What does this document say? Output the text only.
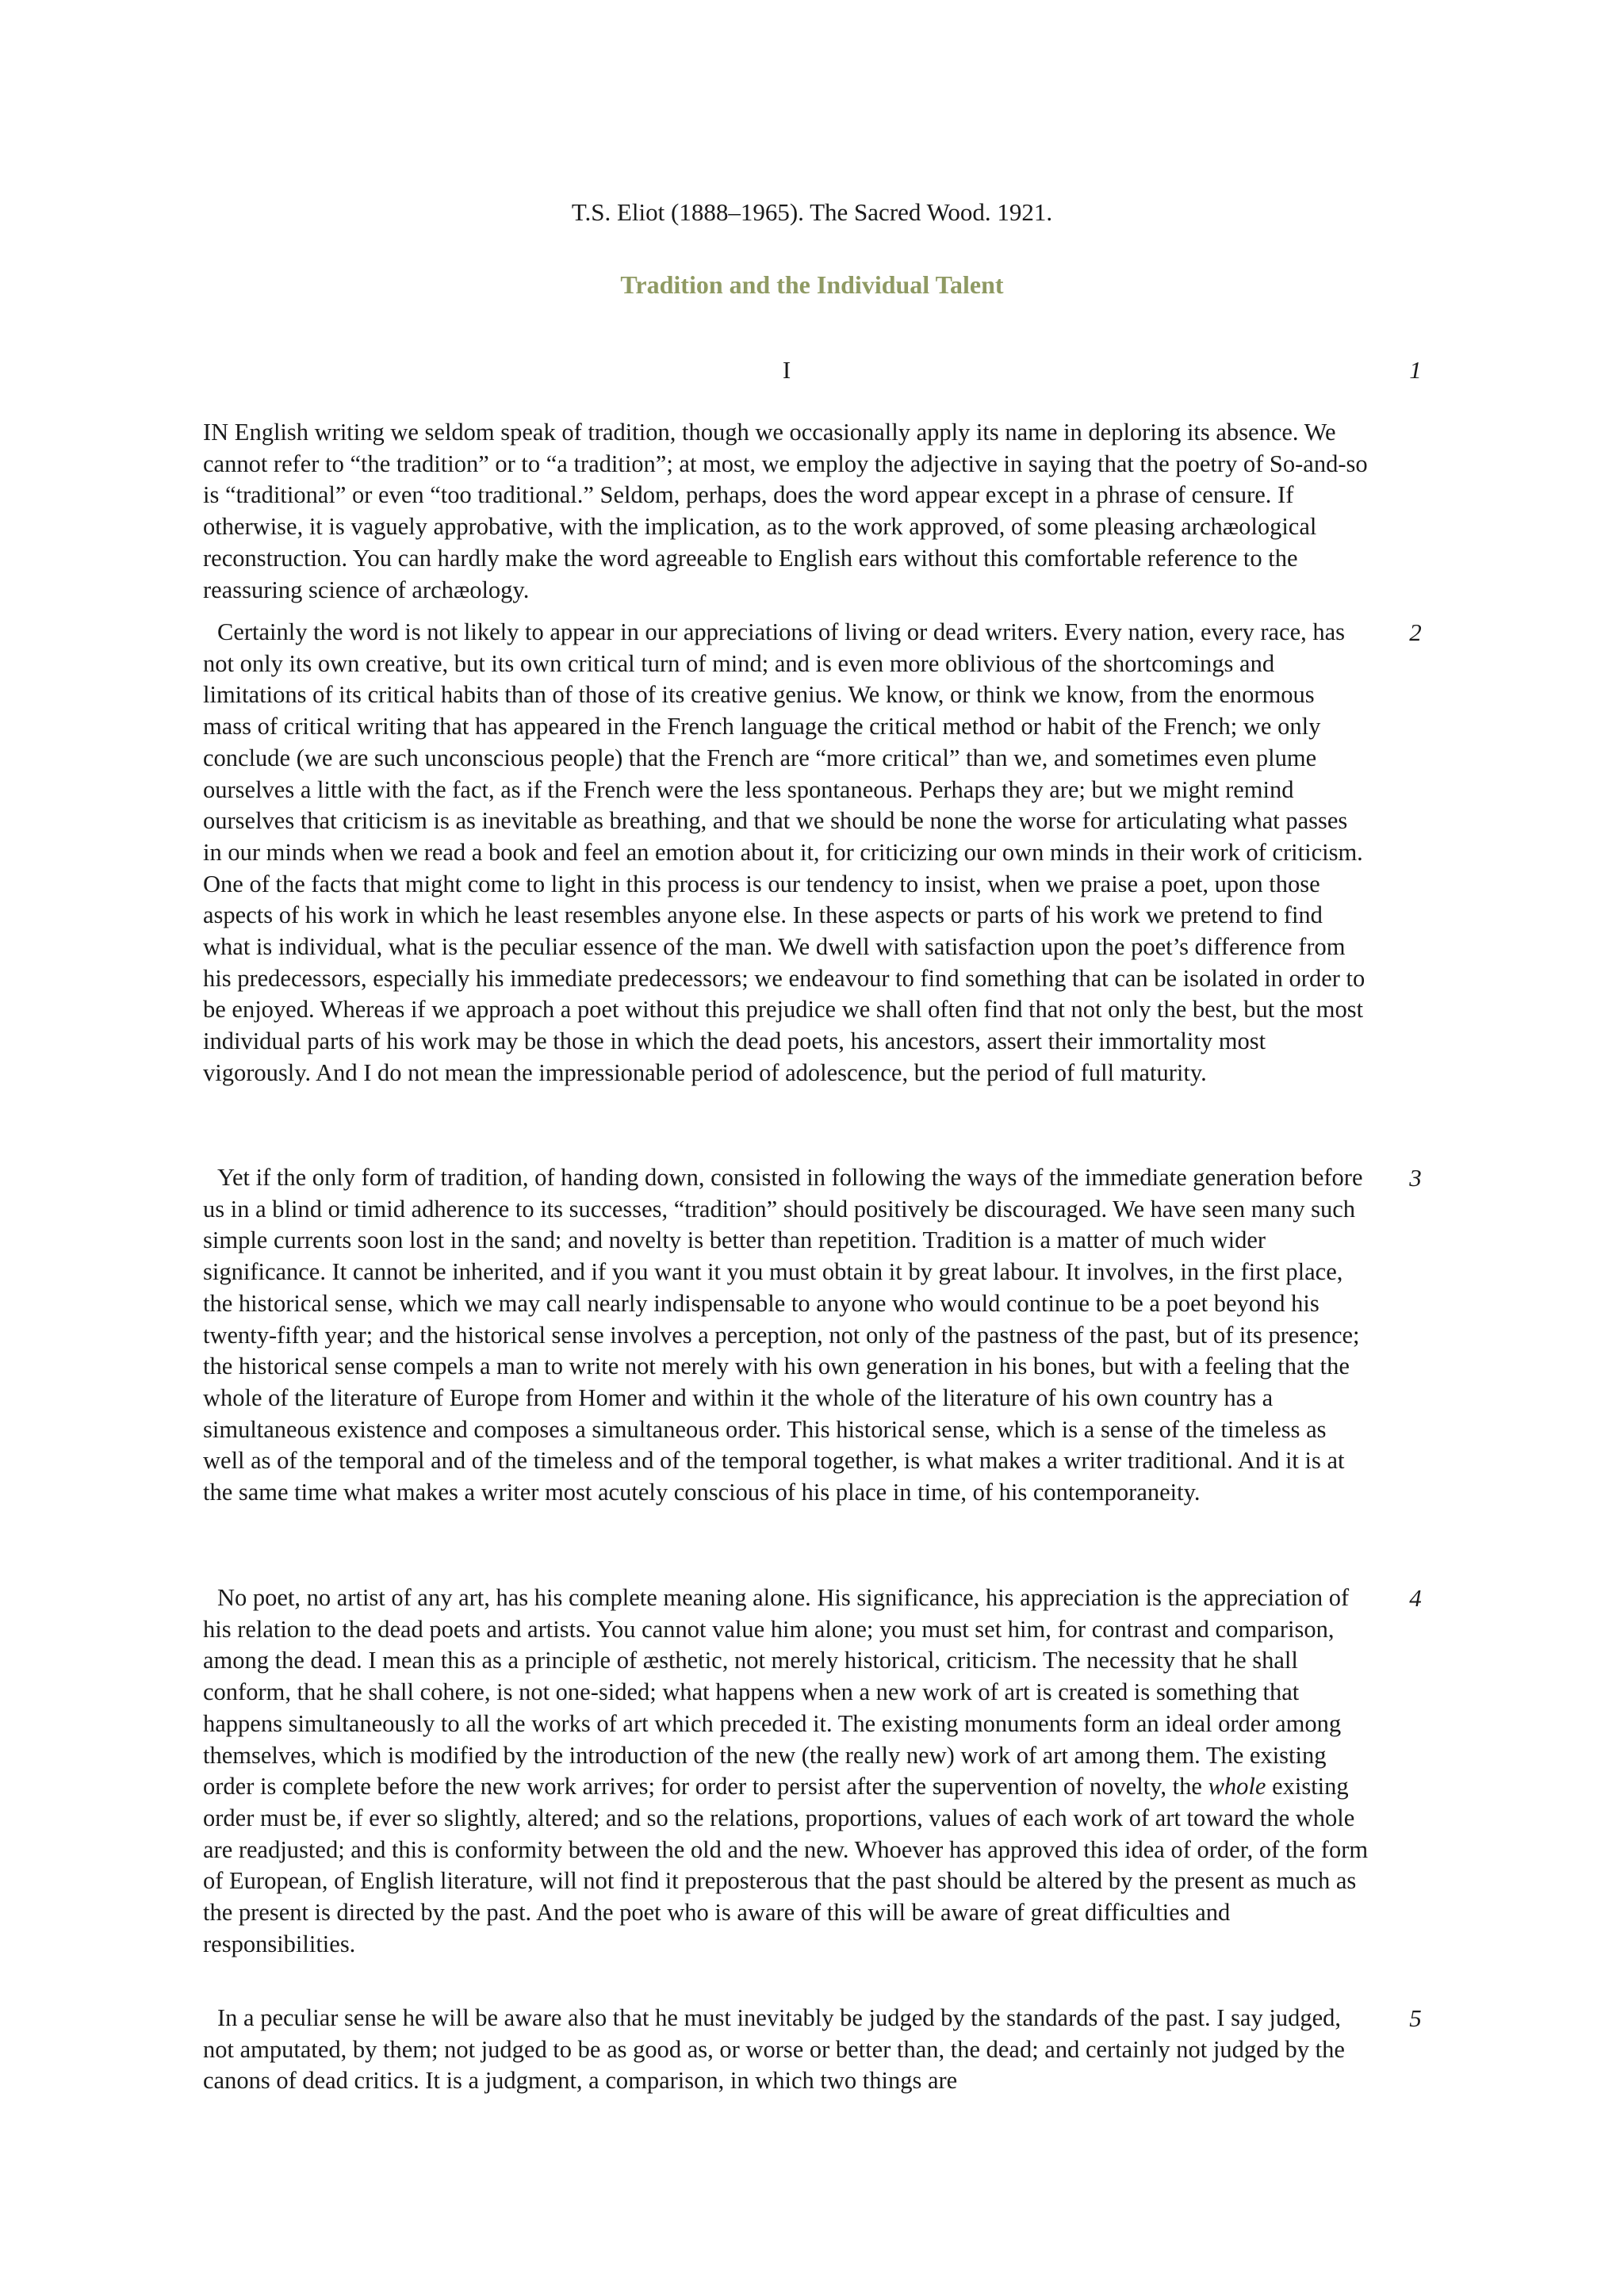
T.S. Eliot (1888–1965). The Sacred Wood. 1921.
Tradition and the Individual Talent
I	1
IN English writing we seldom speak of tradition, though we occasionally apply its name in deploring its absence. We cannot refer to “the tradition” or to “a tradition”; at most, we employ the adjective in saying that the poetry of So-and-so is “traditional” or even “too traditional.” Seldom, perhaps, does the word appear except in a phrase of censure. If otherwise, it is vaguely approbative, with the implication, as to the work approved, of some pleasing archæological reconstruction. You can hardly make the word agreeable to English ears without this comfortable reference to the reassuring science of archæology.
2
Certainly the word is not likely to appear in our appreciations of living or dead writers. Every nation, every race, has not only its own creative, but its own critical turn of mind; and is even more oblivious of the shortcomings and limitations of its critical habits than of those of its creative genius. We know, or think we know, from the enormous mass of critical writing that has appeared in the French language the critical method or habit of the French; we only conclude (we are such unconscious people) that the French are “more critical” than we, and sometimes even plume ourselves a little with the fact, as if the French were the less spontaneous. Perhaps they are; but we might remind ourselves that criticism is as inevitable as breathing, and that we should be none the worse for articulating what passes in our minds when we read a book and feel an emotion about it, for criticizing our own minds in their work of criticism. One of the facts that might come to light in this process is our tendency to insist, when we praise a poet, upon those aspects of his work in which he least resembles anyone else. In these aspects or parts of his work we pretend to find what is individual, what is the peculiar essence of the man. We dwell with satisfaction upon the poet’s difference from his predecessors, especially his immediate predecessors; we endeavour to find something that can be isolated in order to be enjoyed. Whereas if we approach a poet without this prejudice we shall often find that not only the best, but the most individual parts of his work may be those in which the dead poets, his ancestors, assert their immortality most vigorously. And I do not mean the impressionable period of adolescence, but the period of full maturity.
3
Yet if the only form of tradition, of handing down, consisted in following the ways of the immediate generation before us in a blind or timid adherence to its successes, “tradition” should positively be discouraged. We have seen many such simple currents soon lost in the sand; and novelty is better than repetition. Tradition is a matter of much wider significance. It cannot be inherited, and if you want it you must obtain it by great labour. It involves, in the first place, the historical sense, which we may call nearly indispensable to anyone who would continue to be a poet beyond his twenty-fifth year; and the historical sense involves a perception, not only of the pastness of the past, but of its presence; the historical sense compels a man to write not merely with his own generation in his bones, but with a feeling that the whole of the literature of Europe from Homer and within it the whole of the literature of his own country has a simultaneous existence and composes a simultaneous order. This historical sense, which is a sense of the timeless as well as of the temporal and of the timeless and of the temporal together, is what makes a writer traditional. And it is at the same time what makes a writer most acutely conscious of his place in time, of his contemporaneity.
4
No poet, no artist of any art, has his complete meaning alone. His significance, his appreciation is the appreciation of his relation to the dead poets and artists. You cannot value him alone; you must set him, for contrast and comparison, among the dead. I mean this as a principle of æsthetic, not merely historical, criticism. The necessity that he shall conform, that he shall cohere, is not one-sided; what happens when a new work of art is created is something that happens simultaneously to all the works of art which preceded it. The existing monuments form an ideal order among themselves, which is modified by the introduction of the new (the really new) work of art among them. The existing order is complete before the new work arrives; for order to persist after the supervention of novelty, the whole existing order must be, if ever so slightly, altered; and so the relations, proportions, values of each work of art toward the whole are readjusted; and this is conformity between the old and the new. Whoever has approved this idea of order, of the form of European, of English literature, will not find it preposterous that the past should be altered by the present as much as the present is directed by the past. And the poet who is aware of this will be aware of great difficulties and responsibilities.
5
In a peculiar sense he will be aware also that he must inevitably be judged by the standards of the past. I say judged, not amputated, by them; not judged to be as good as, or worse or better than, the dead; and certainly not judged by the canons of dead critics. It is a judgment, a comparison, in which two things are
